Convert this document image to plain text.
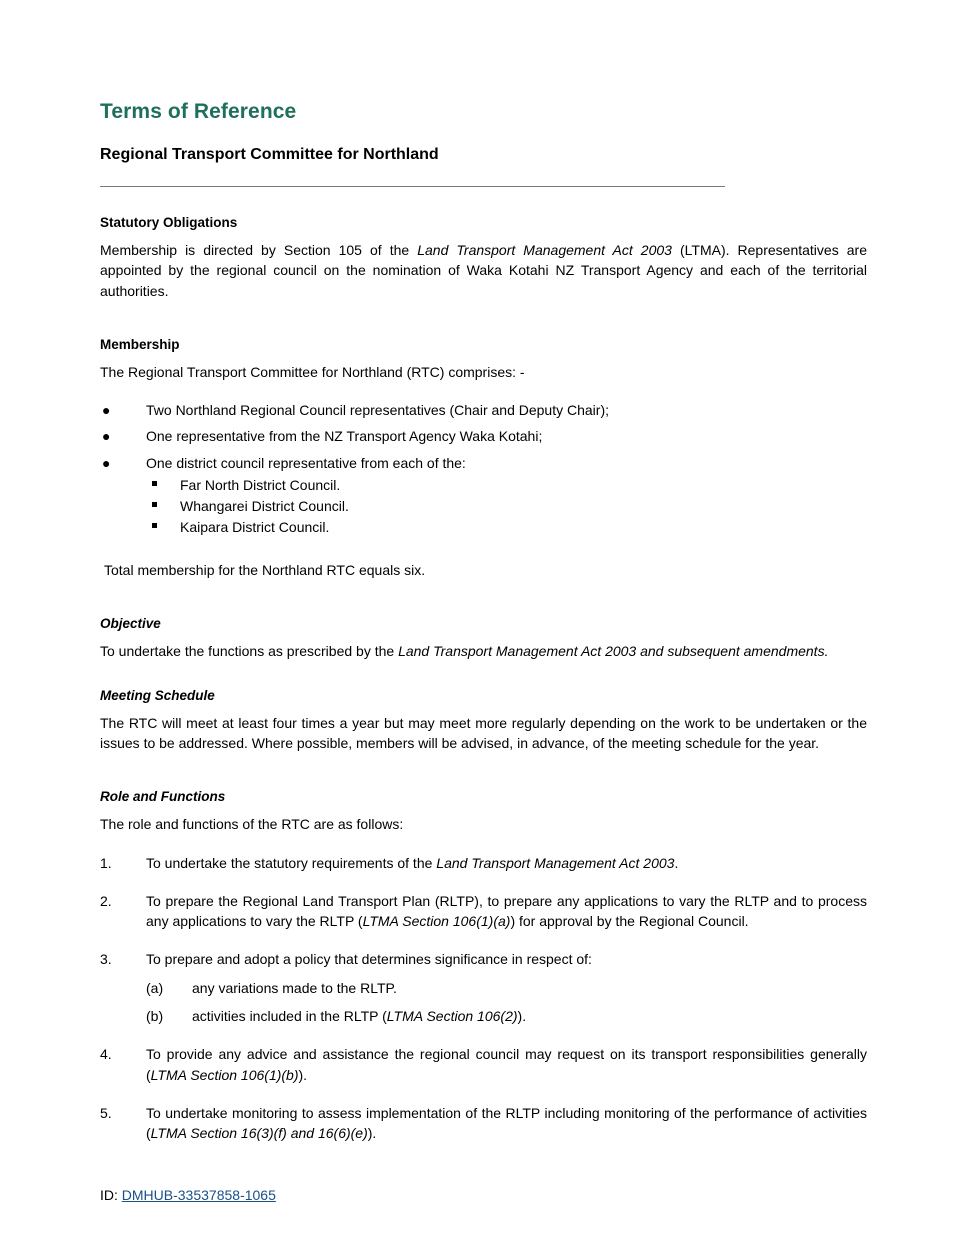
Terms of Reference
Regional Transport Committee for Northland
Statutory Obligations

Membership is directed by Section 105 of the Land Transport Management Act 2003 (LTMA). Representatives are appointed by the regional council on the nomination of Waka Kotahi NZ Transport Agency and each of the territorial authorities.

Membership

The Regional Transport Committee for Northland (RTC) comprises: -

●	Two Northland Regional Council representatives (Chair and Deputy Chair);
●	One representative from the NZ Transport Agency Waka Kotahi;
●	One district council representative from each of the:
Far North District Council.
Whangarei District Council.
Kaipara District Council.

Total membership for the Northland RTC equals six.

Objective

To undertake the functions as prescribed by the Land Transport Management Act 2003 and subsequent amendments.

Meeting Schedule

The RTC will meet at least four times a year but may meet more regularly depending on the work to be undertaken or the issues to be addressed. Where possible, members will be advised, in advance, of the meeting schedule for the year.

Role and Functions

The role and functions of the RTC are as follows:

1. To undertake the statutory requirements of the Land Transport Management Act 2003.
2. To prepare the Regional Land Transport Plan (RLTP), to prepare any applications to vary the RLTP and to process any applications to vary the RLTP (LTMA Section 106(1)(a)) for approval by the Regional Council.
3. To prepare and adopt a policy that determines significance in respect of:
(a) any variations made to the RLTP.
(b) activities included in the RLTP (LTMA Section 106(2)).
4. To provide any advice and assistance the regional council may request on its transport responsibilities generally (LTMA Section 106(1)(b)).
5. To undertake monitoring to assess implementation of the RLTP including monitoring of the performance of activities (LTMA Section 16(3)(f) and 16(6)(e)).
ID: DMHUB-33537858-1065
